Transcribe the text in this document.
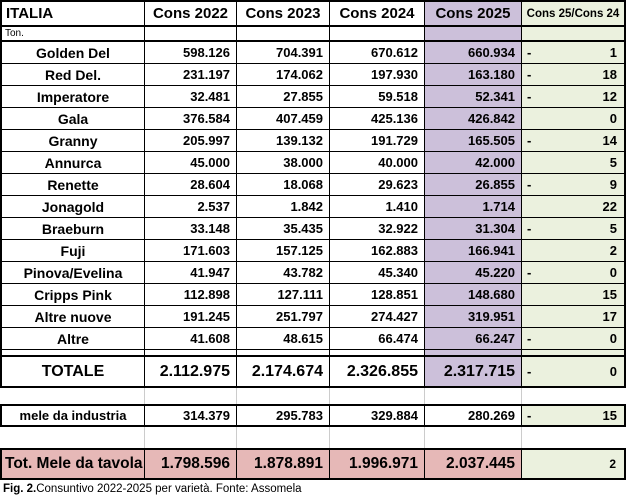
ITALIA	Cons 2022	Cons 2023	Cons 2024	Cons 2025	Cons 25/Cons 24
Ton.
Golden Del	598.126	704.391	670.612	660.934 -	1
Red Del.	231.197	174.062	197.930	163.180 -	18
Imperatore	32.481	27.855	59.518	52.341 -	12
Gala	376.584	407.459	425.136	426.842	0
Granny	205.997	139.132	191.729	165.505 -	14
Annurca	45.000	38.000	40.000	42.000	5
Renette	28.604	18.068	29.623	26.855 -	9
Jonagold	2.537	1.842	1.410	1.714	22
Braeburn	33.148	35.435	32.922	31.304 -	5
Fuji	171.603	157.125	162.883	166.941	2
Pinova/Evelina	41.947	43.782	45.340	45.220 -	0
Cripps Pink	112.898	127.111	128.851	148.680	15
Altre nuove	191.245	251.797	274.427	319.951	17
Altre	41.608	48.615	66.474	66.247 -	0
TOTALE	2.112.975	2.174.674	2.326.855	2.317.715 -	0
mele da industria	314.379	295.783	329.884	280.269 -	15
Tot. Mele da tavola	1.798.596	1.878.891	1.996.971	2.037.445	2
Fig. 2. Consuntivo 2022-2025 per varietà. Fonte: Assomela
